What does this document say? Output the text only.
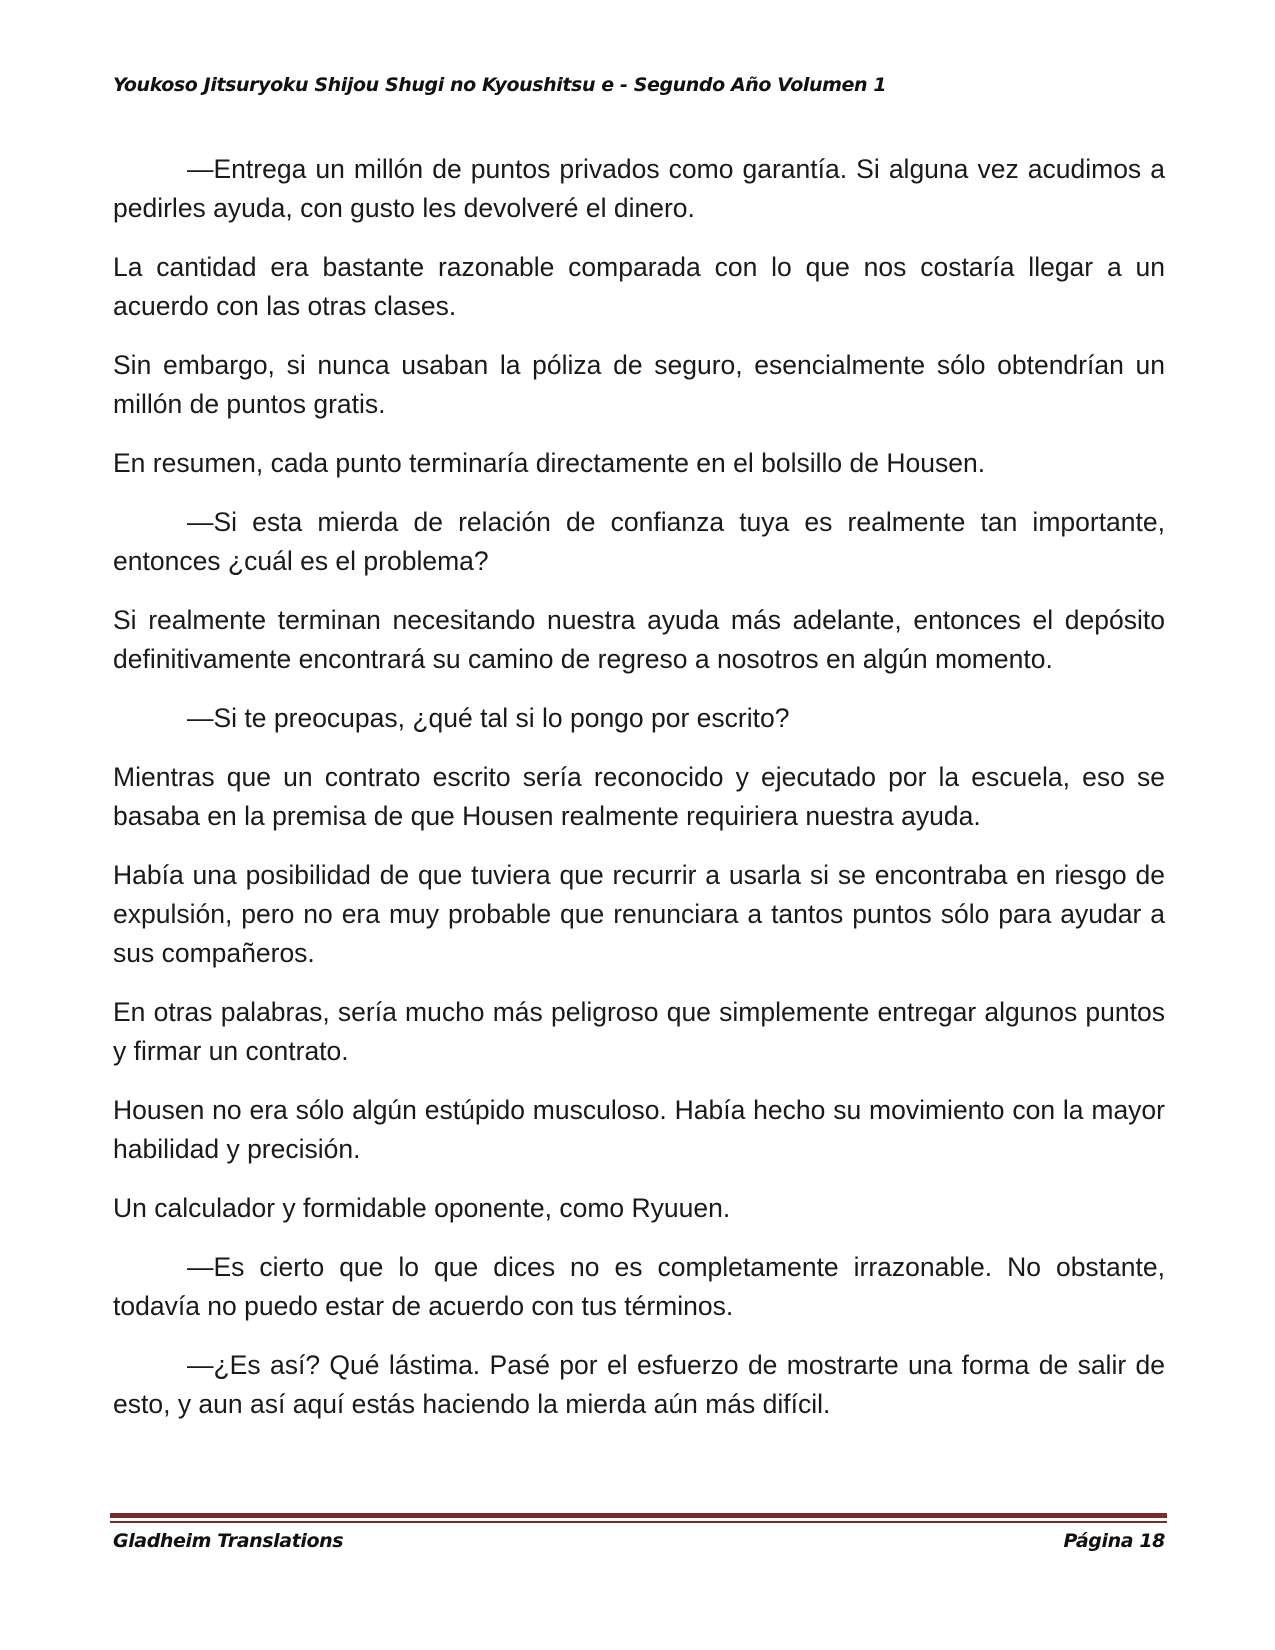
Youkoso Jitsuryoku Shijou Shugi no Kyoushitsu e - Segundo Año Volumen 1

—Entrega un millón de puntos privados como garantía. Si alguna vez acudimos a pedirles ayuda, con gusto les devolveré el dinero.

La cantidad era bastante razonable comparada con lo que nos costaría llegar a un acuerdo con las otras clases.

Sin embargo, si nunca usaban la póliza de seguro, esencialmente sólo obtendrían un millón de puntos gratis.

En resumen, cada punto terminaría directamente en el bolsillo de Housen.

—Si esta mierda de relación de confianza tuya es realmente tan importante, entonces ¿cuál es el problema?

Si realmente terminan necesitando nuestra ayuda más adelante, entonces el depósito definitivamente encontrará su camino de regreso a nosotros en algún momento.

—Si te preocupas, ¿qué tal si lo pongo por escrito?

Mientras que un contrato escrito sería reconocido y ejecutado por la escuela, eso se basaba en la premisa de que Housen realmente requiriera nuestra ayuda.

Había una posibilidad de que tuviera que recurrir a usarla si se encontraba en riesgo de expulsión, pero no era muy probable que renunciara a tantos puntos sólo para ayudar a sus compañeros.

En otras palabras, sería mucho más peligroso que simplemente entregar algunos puntos y firmar un contrato.

Housen no era sólo algún estúpido musculoso. Había hecho su movimiento con la mayor habilidad y precisión.

Un calculador y formidable oponente, como Ryuuen.

—Es cierto que lo que dices no es completamente irrazonable. No obstante, todavía no puedo estar de acuerdo con tus términos.

—¿Es así? Qué lástima. Pasé por el esfuerzo de mostrarte una forma de salir de esto, y aun así aquí estás haciendo la mierda aún más difícil.

Gladheim Translations	Página 18
